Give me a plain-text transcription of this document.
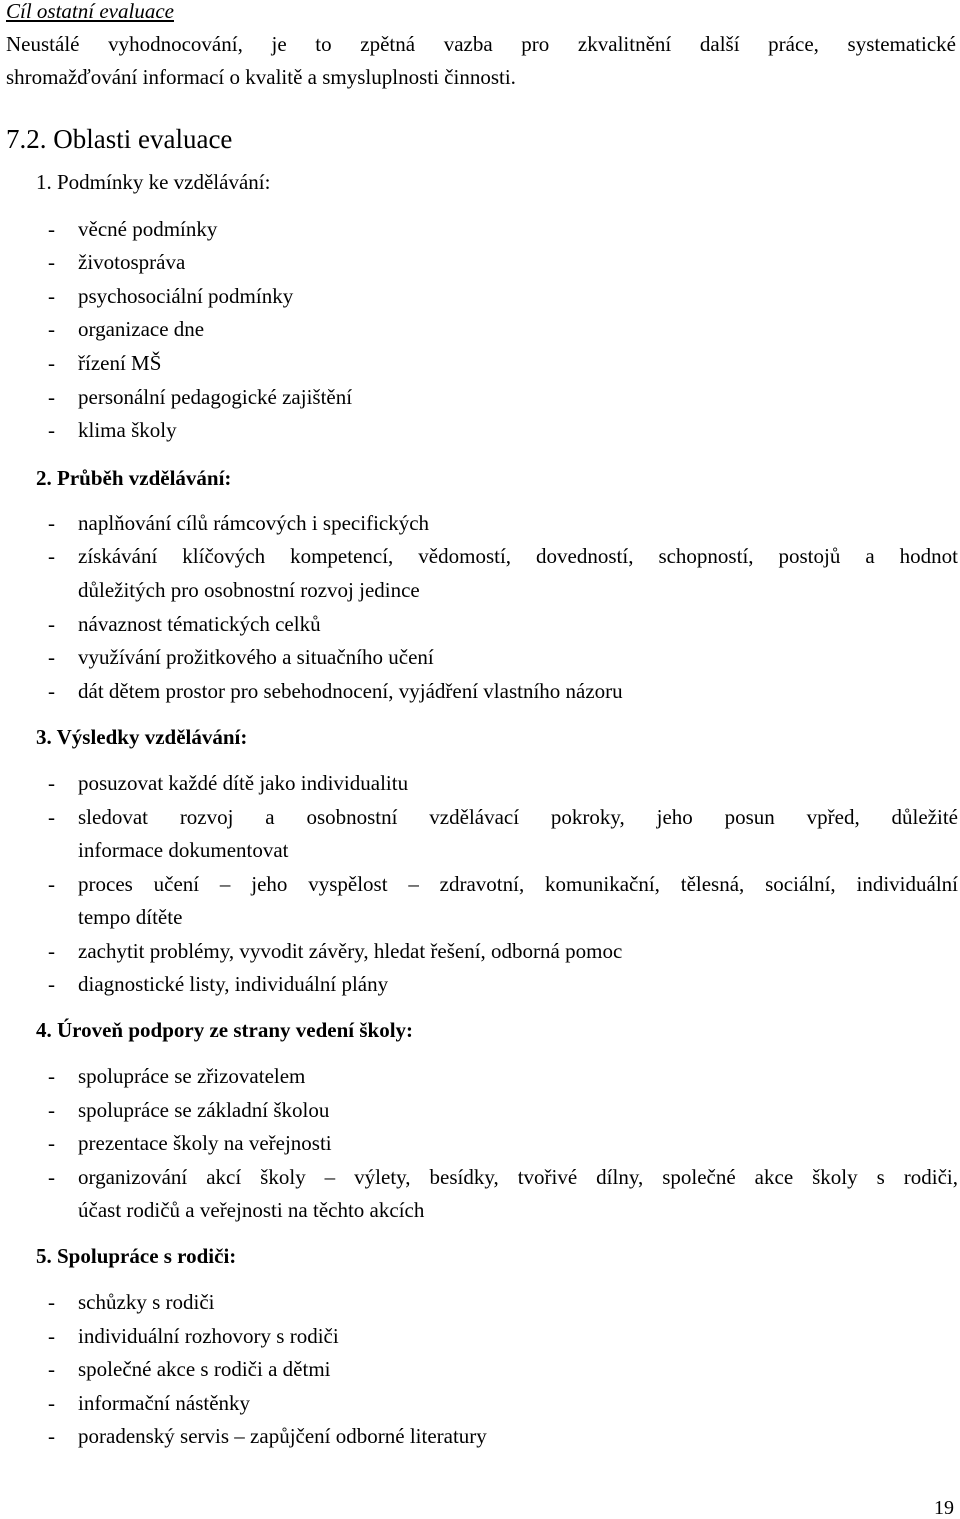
Cíl ostatní evaluace
Neustálé vyhodnocování, je to zpětná vazba pro zkvalitnění další práce, systematické
shromažďování informací o kvalitě a smysluplnosti činnosti.
7.2. Oblasti evaluace
1. Podmínky ke vzdělávání:
- věcné podmínky
- životospráva
- psychosociální podmínky
- organizace dne
- řízení MŠ
- personální pedagogické zajištění
- klima školy
2. Průběh vzdělávání:
- naplňování cílů rámcových i specifických
- získávání klíčových kompetencí, vědomostí, dovedností, schopností, postojů a hodnot
důležitých pro osobnostní rozvoj jedince
- návaznost tématických celků
- využívání prožitkového a situačního učení
- dát dětem prostor pro sebehodnocení, vyjádření vlastního názoru
3. Výsledky vzdělávání:
- posuzovat každé dítě jako individualitu
- sledovat rozvoj a osobnostní vzdělávací pokroky, jeho posun vpřed, důležité
informace dokumentovat
- proces učení – jeho vyspělost – zdravotní, komunikační, tělesná, sociální, individuální
tempo dítěte
- zachytit problémy, vyvodit závěry, hledat řešení, odborná pomoc
- diagnostické listy, individuální plány
4. Úroveň podpory ze strany vedení školy:
- spolupráce se zřizovatelem
- spolupráce se základní školou
- prezentace školy na veřejnosti
- organizování akcí školy – výlety, besídky, tvořivé dílny, společné akce školy s rodiči,
účast rodičů a veřejnosti na těchto akcích
5. Spolupráce s rodiči:
- schůzky s rodiči
- individuální rozhovory s rodiči
- společné akce s rodiči a dětmi
- informační nástěnky
- poradenský servis – zapůjčení odborné literatury
19
